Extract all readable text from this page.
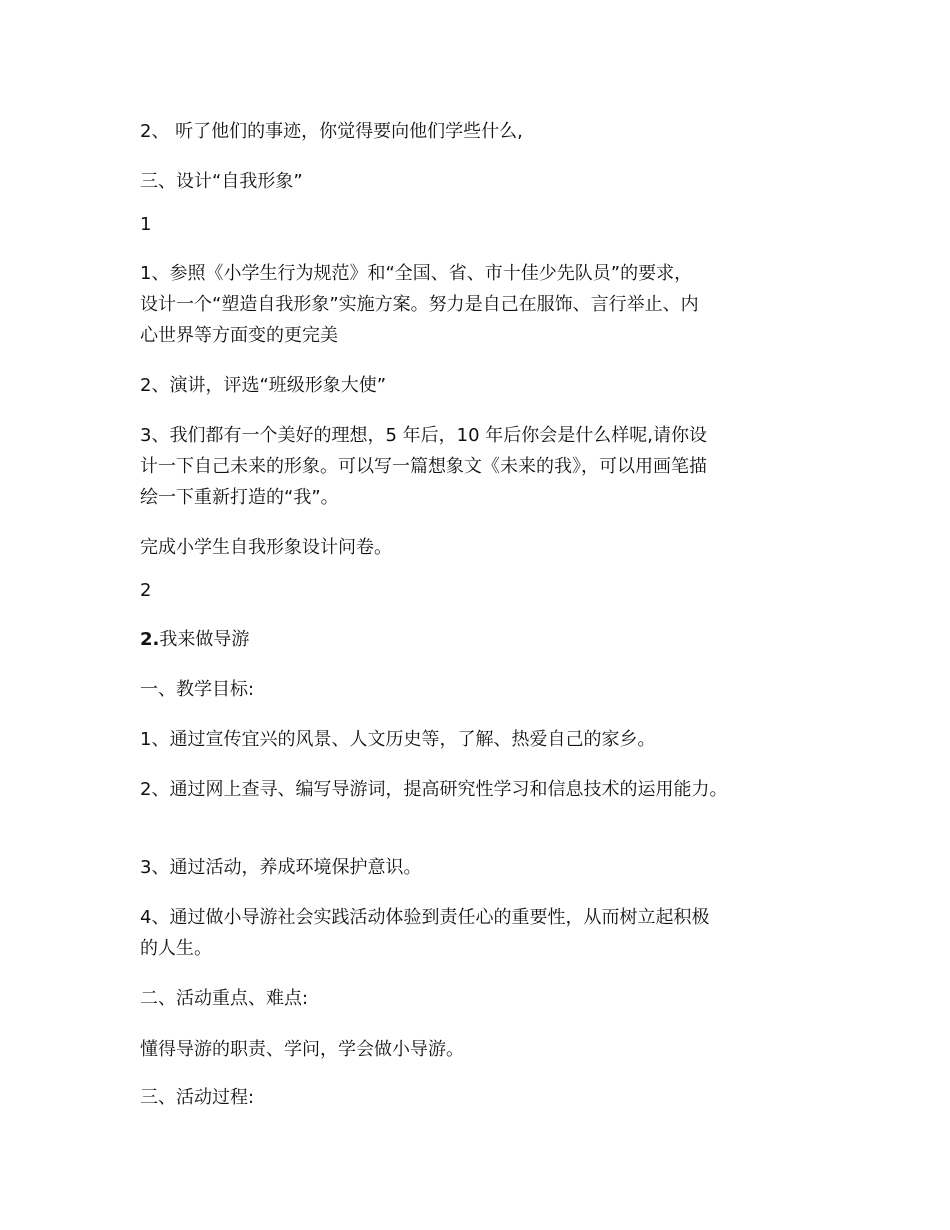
2、 听了他们的事迹，你觉得要向他们学些什么,

三、设计“自我形象”

1

1、参照《小学生行为规范》和“全国、省、市十佳少先队员”的要求，

设计一个“塑造自我形象”实施方案。努力是自己在服饰、言行举止、内

心世界等方面变的更完美

2、演讲，评选“班级形象大使”

3、我们都有一个美好的理想，5 年后，10 年后你会是什么样呢,请你设

计一下自己未来的形象。可以写一篇想象文《未来的我》，可以用画笔描

绘一下重新打造的“我”。

完成小学生自我形象设计问卷。

2

2.我来做导游

一、教学目标:

1、通过宣传宜兴的风景、人文历史等，了解、热爱自己的家乡。

2、通过网上查寻、编写导游词，提高研究性学习和信息技术的运用能力。

3、通过活动，养成环境保护意识。

4、通过做小导游社会实践活动体验到责任心的重要性，从而树立起积极

的人生。

二、活动重点、难点:

懂得导游的职责、学问，学会做小导游。

三、活动过程:
